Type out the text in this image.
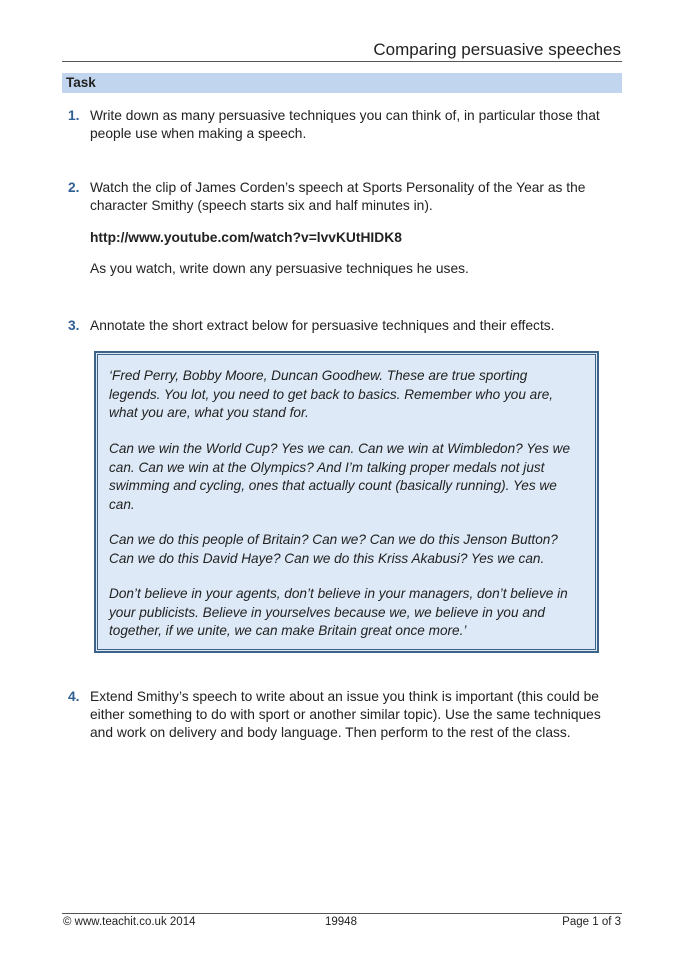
Comparing persuasive speeches
Task
1. Write down as many persuasive techniques you can think of, in particular those that
people use when making a speech.
2. Watch the clip of James Corden’s speech at Sports Personality of the Year as the
character Smithy (speech starts six and half minutes in).
http://www.youtube.com/watch?v=lvvKUtHIDK8
As you watch, write down any persuasive techniques he uses.
3. Annotate the short extract below for persuasive techniques and their effects.
‘Fred Perry, Bobby Moore, Duncan Goodhew. These are true sporting
legends. You lot, you need to get back to basics. Remember who you are,
what you are, what you stand for.
Can we win the World Cup? Yes we can. Can we win at Wimbledon? Yes we
can. Can we win at the Olympics? And I’m talking proper medals not just
swimming and cycling, ones that actually count (basically running). Yes we
can.
Can we do this people of Britain? Can we? Can we do this Jenson Button?
Can we do this David Haye? Can we do this Kriss Akabusi? Yes we can.
Don’t believe in your agents, don’t believe in your managers, don’t believe in
your publicists. Believe in yourselves because we, we believe in you and
together, if we unite, we can make Britain great once more.’
4. Extend Smithy’s speech to write about an issue you think is important (this could be
either something to do with sport or another similar topic). Use the same techniques
and work on delivery and body language. Then perform to the rest of the class.
© www.teachit.co.uk 2014	19948	Page 1 of 3
